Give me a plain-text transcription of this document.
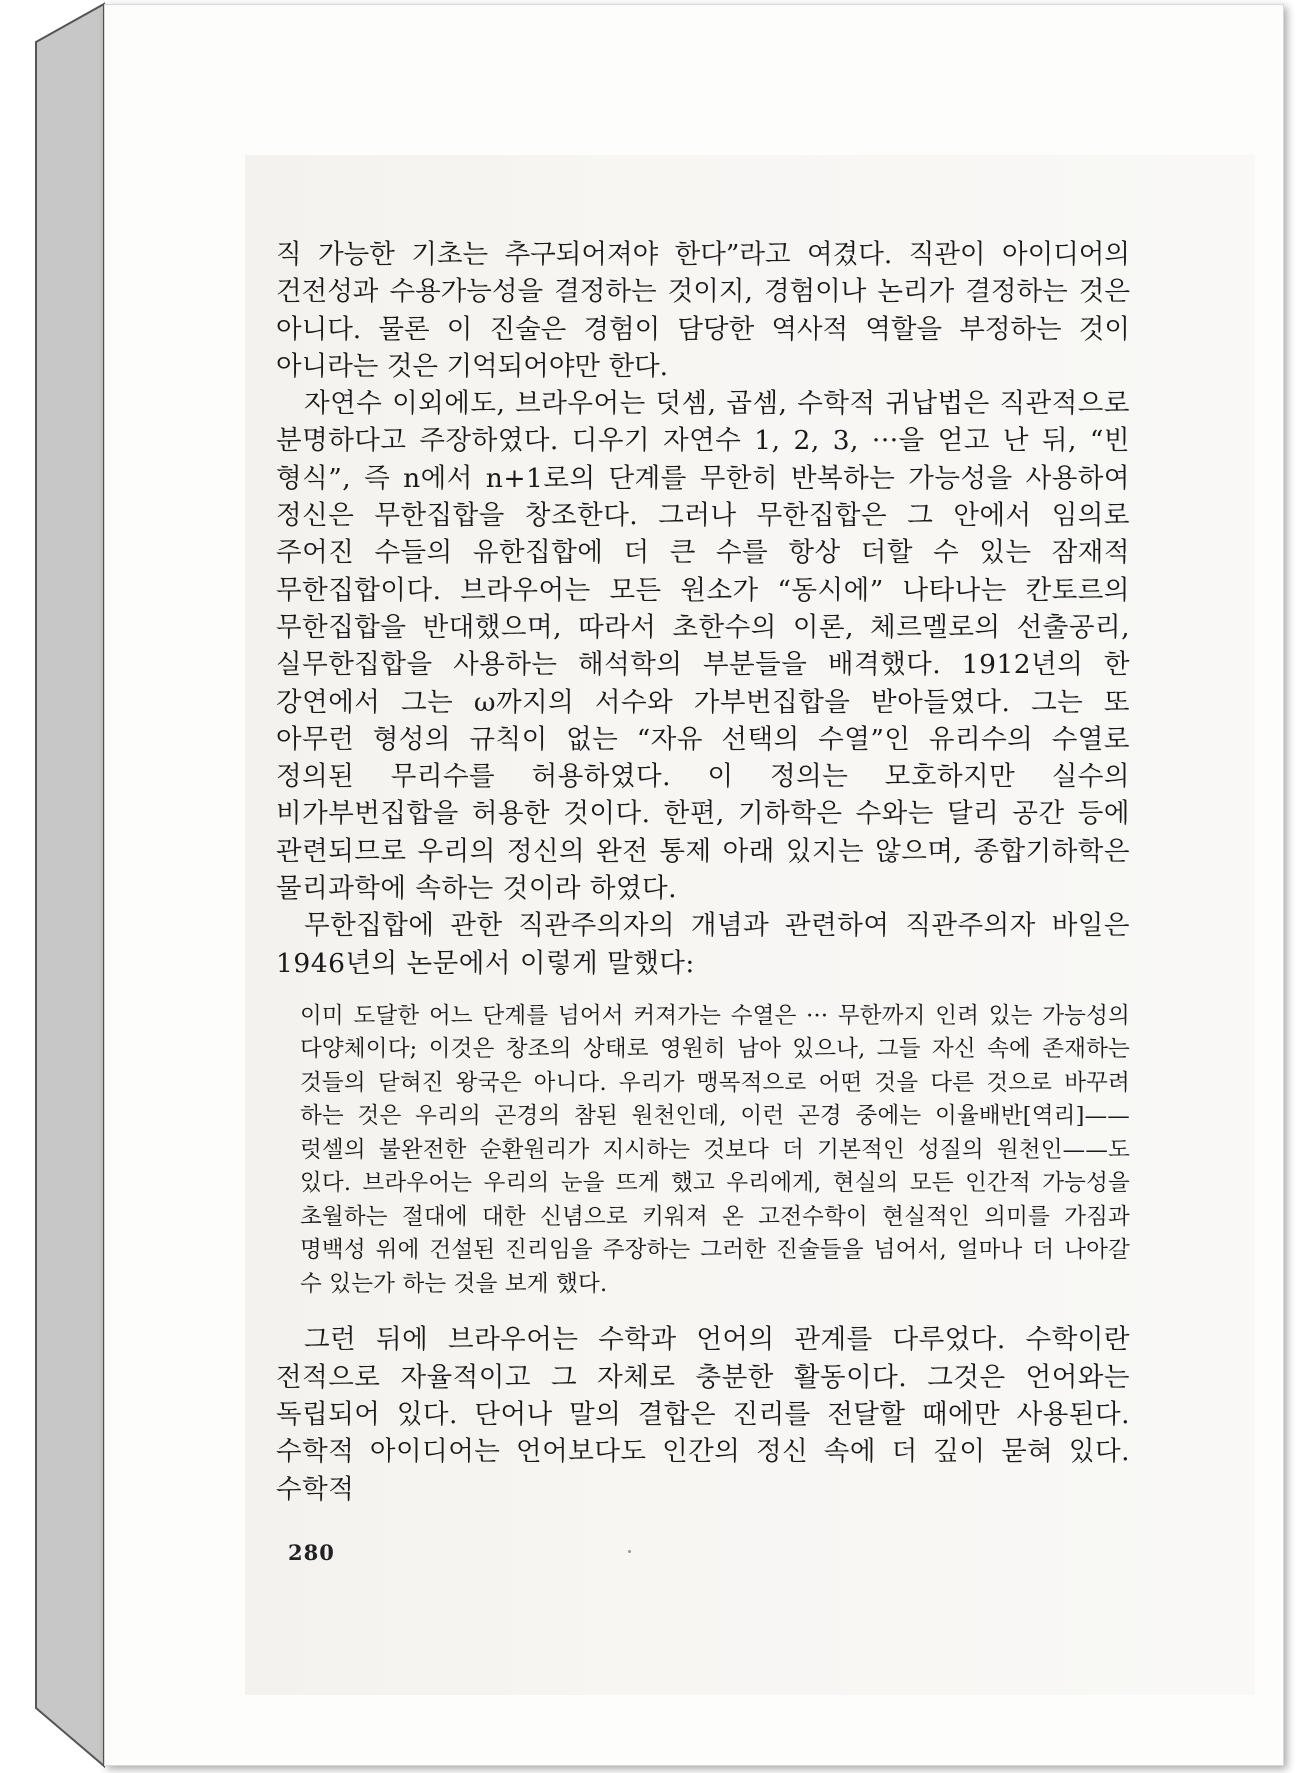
직 가능한 기초는 추구되어져야 한다”라고 여겼다. 직관이 아이디어의 건전성과 수용가능성을 결정하는 것이지, 경험이나 논리가 결정하는 것은 아니다. 물론 이 진술은 경험이 담당한 역사적 역할을 부정하는 것이 아니라는 것은 기억되어야만 한다.

자연수 이외에도, 브라우어는 덧셈, 곱셈, 수학적 귀납법은 직관적으로 분명하다고 주장하였다. 디우기 자연수 1, 2, 3, ···을 얻고 난 뒤, “빈 형식”, 즉 n에서 n+1로의 단계를 무한히 반복하는 가능성을 사용하여 정신은 무한집합을 창조한다. 그러나 무한집합은 그 안에서 임의로 주어진 수들의 유한집합에 더 큰 수를 항상 더할 수 있는 잠재적 무한집합이다. 브라우어는 모든 원소가 “동시에” 나타나는 칸토르의 무한집합을 반대했으며, 따라서 초한수의 이론, 체르멜로의 선출공리, 실무한집합을 사용하는 해석학의 부분들을 배격했다. 1912년의 한 강연에서 그는 ω까지의 서수와 가부번집합을 받아들였다. 그는 또 아무런 형성의 규칙이 없는 “자유 선택의 수열”인 유리수의 수열로 정의된 무리수를 허용하였다. 이 정의는 모호하지만 실수의 비가부번집합을 허용한 것이다. 한편, 기하학은 수와는 달리 공간 등에 관련되므로 우리의 정신의 완전 통제 아래 있지는 않으며, 종합기하학은 물리과학에 속하는 것이라 하였다.

무한집합에 관한 직관주의자의 개념과 관련하여 직관주의자 바일은 1946년의 논문에서 이렇게 말했다:

이미 도달한 어느 단계를 넘어서 커져가는 수열은 ··· 무한까지 인려 있는 가능성의 다양체이다; 이것은 창조의 상태로 영원히 남아 있으나, 그들 자신 속에 존재하는 것들의 닫혀진 왕국은 아니다. 우리가 맹목적으로 어떤 것을 다른 것으로 바꾸려 하는 것은 우리의 곤경의 참된 원천인데, 이런 곤경 중에는 이율배반[역리]——럿셀의 불완전한 순환원리가 지시하는 것보다 더 기본적인 성질의 원천인——도 있다. 브라우어는 우리의 눈을 뜨게 했고 우리에게, 현실의 모든 인간적 가능성을 초월하는 절대에 대한 신념으로 키워져 온 고전수학이 현실적인 의미를 가짐과 명백성 위에 건설된 진리임을 주장하는 그러한 진술들을 넘어서, 얼마나 더 나아갈 수 있는가 하는 것을 보게 했다.

그런 뒤에 브라우어는 수학과 언어의 관계를 다루었다. 수학이란 전적으로 자율적이고 그 자체로 충분한 활동이다. 그것은 언어와는 독립되어 있다. 단어나 말의 결합은 진리를 전달할 때에만 사용된다. 수학적 아이디어는 언어보다도 인간의 정신 속에 더 깊이 묻혀 있다. 수학적

280
